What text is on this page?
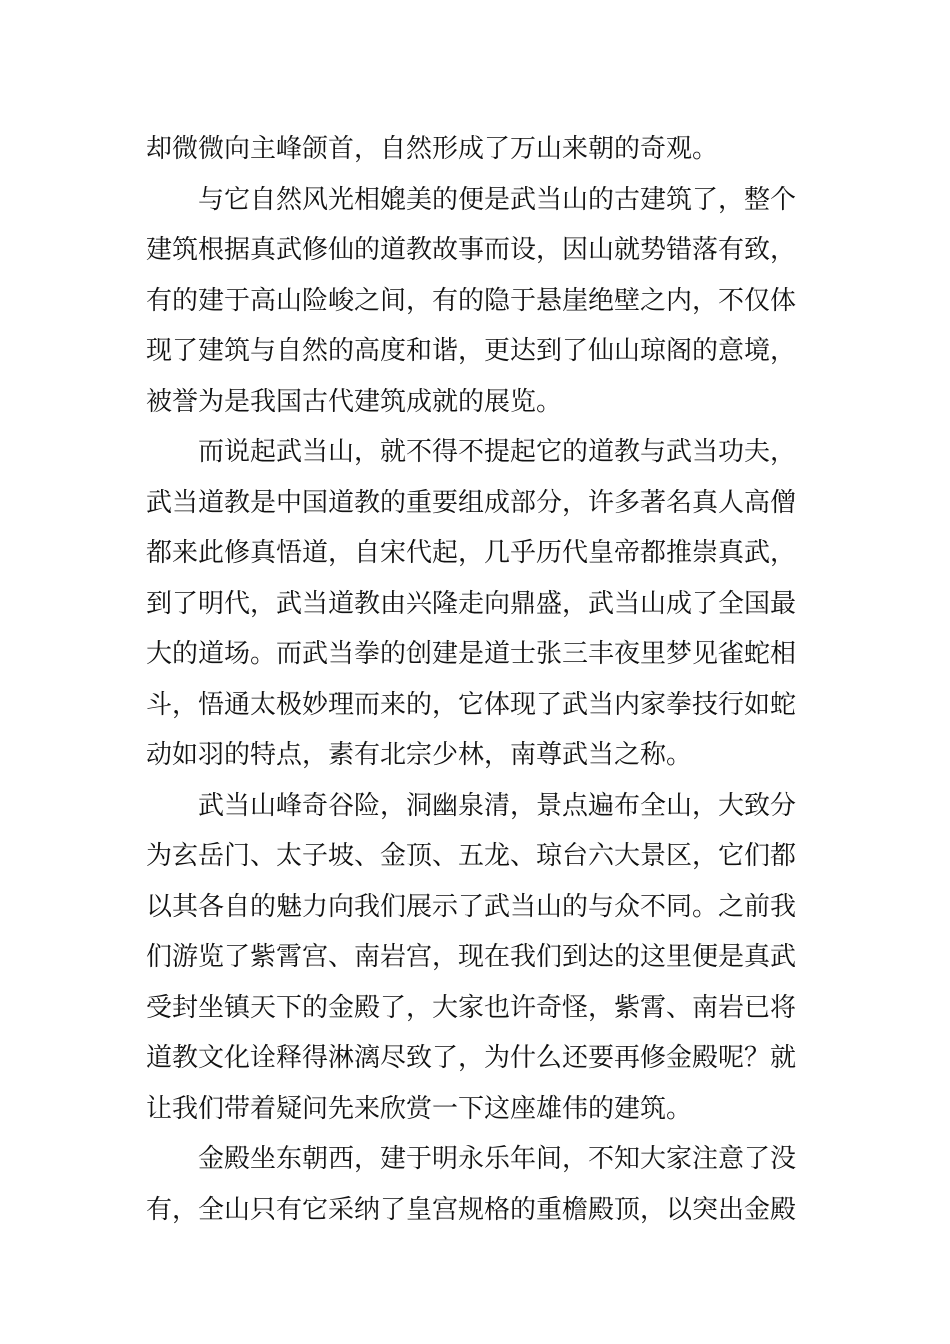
却微微向主峰颌首，自然形成了万山来朝的奇观。
与它自然风光相媲美的便是武当山的古建筑了，整个
建筑根据真武修仙的道教故事而设，因山就势错落有致，
有的建于高山险峻之间，有的隐于悬崖绝壁之内，不仅体
现了建筑与自然的高度和谐，更达到了仙山琼阁的意境，
被誉为是我国古代建筑成就的展览。
而说起武当山，就不得不提起它的道教与武当功夫，
武当道教是中国道教的重要组成部分，许多著名真人高僧
都来此修真悟道，自宋代起，几乎历代皇帝都推崇真武，
到了明代，武当道教由兴隆走向鼎盛，武当山成了全国最
大的道场。而武当拳的创建是道士张三丰夜里梦见雀蛇相
斗，悟通太极妙理而来的，它体现了武当内家拳技行如蛇
动如羽的特点，素有北宗少林，南尊武当之称。
武当山峰奇谷险，洞幽泉清，景点遍布全山，大致分
为玄岳门、太子坡、金顶、五龙、琼台六大景区，它们都
以其各自的魅力向我们展示了武当山的与众不同。之前我
们游览了紫霄宫、南岩宫，现在我们到达的这里便是真武
受封坐镇天下的金殿了，大家也许奇怪，紫霄、南岩已将
道教文化诠释得淋漓尽致了，为什么还要再修金殿呢？就
让我们带着疑问先来欣赏一下这座雄伟的建筑。
金殿坐东朝西，建于明永乐年间，不知大家注意了没
有，全山只有它采纳了皇宫规格的重檐殿顶，以突出金殿
